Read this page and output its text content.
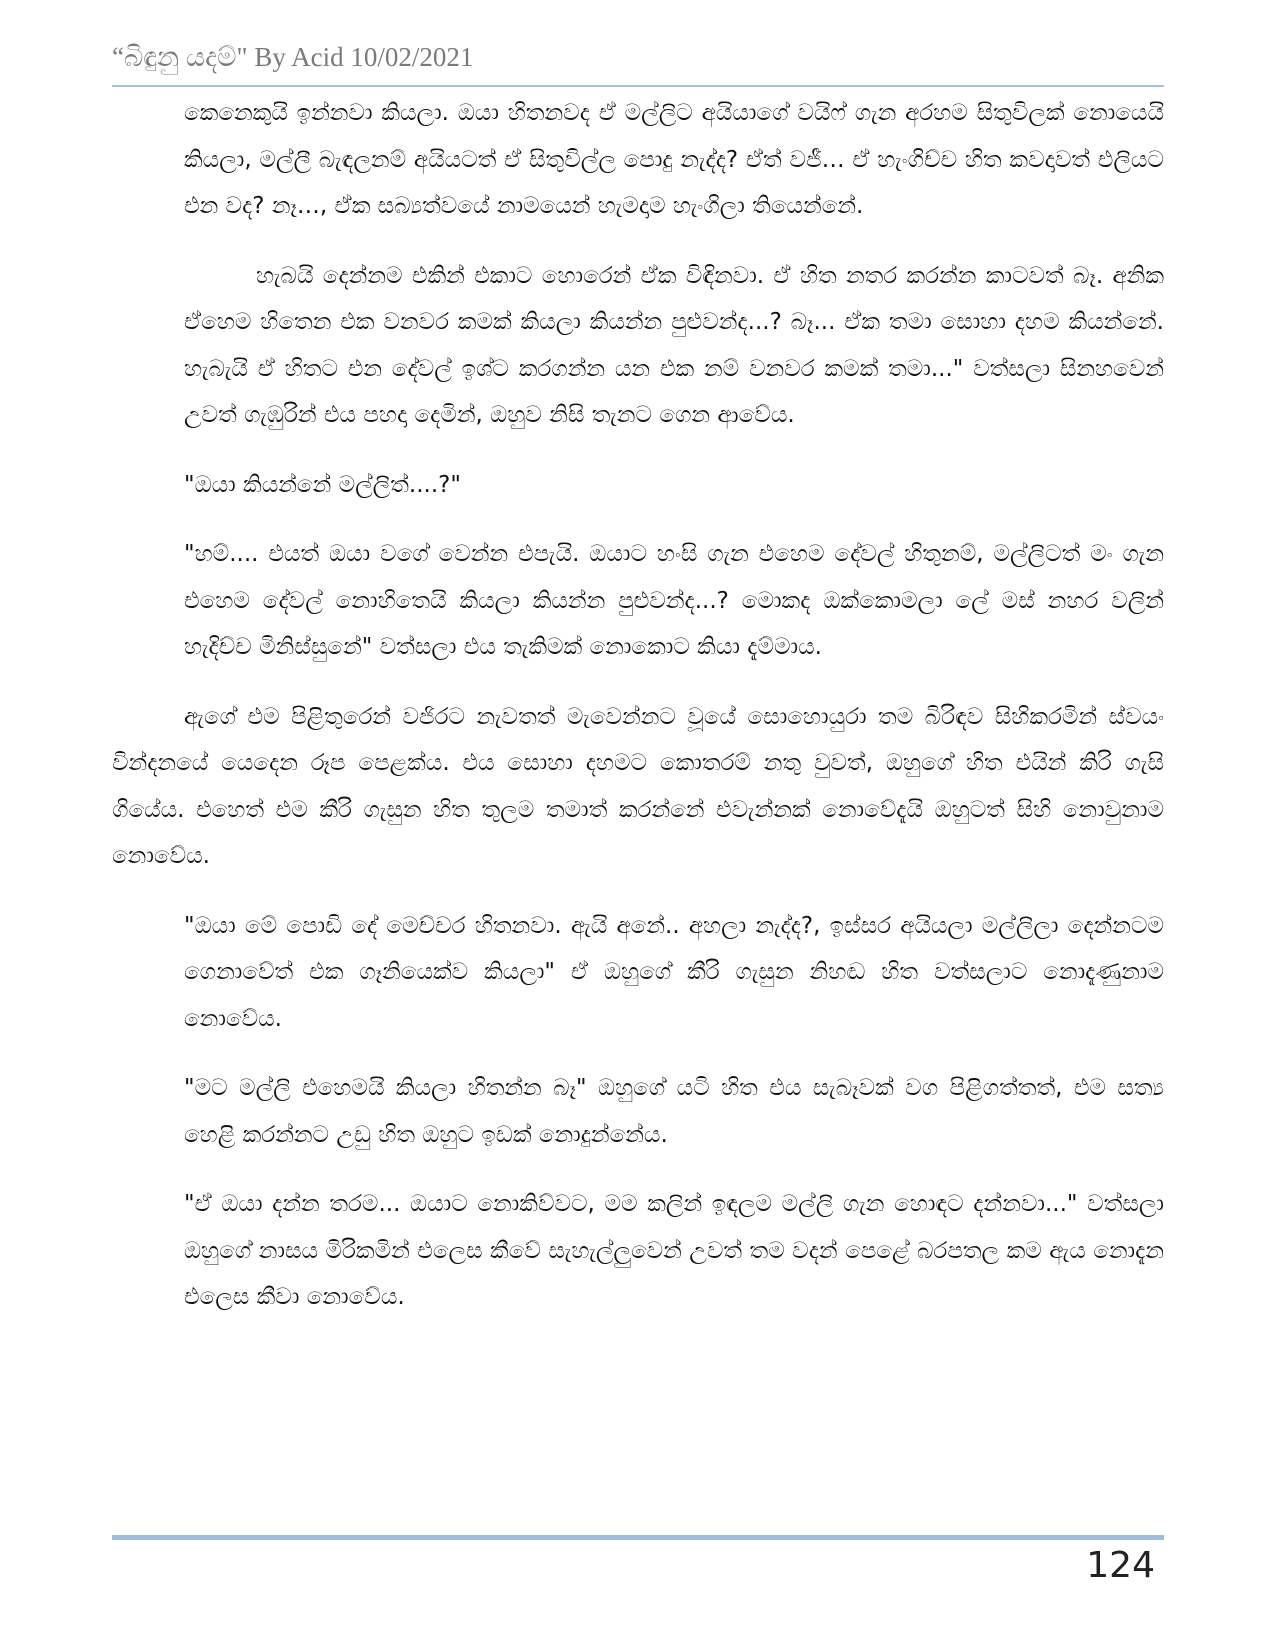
“බිඳුනු යදම්" By Acid 10/02/2021

කෙනෙකුයි ඉන්නවා කියලා. ඔයා හිතනවද ඒ මල්ලිට අයියාගේ වයිෆ් ගැන අරහම සිතුවිලක් නොයෙයි කියලා, මල්ලී බැඳලනම් අයියටත් ඒ සිතුවිල්ල පොදු නැද්ද? ඒත් වජී… ඒ හැංගිච්ච හිත කවදාවත් එලියට එන වද? නෑ…, ඒක සබ්‍යත්වයේ නාමයෙන් හැමදාම හැංගිලා තියෙන්නේ.

හැබයි දෙන්නම එකින් එකාට හොරෙන් ඒක විඳිනවා. ඒ හිත නතර කරන්න කාටවත් බෑ. අනික ඒහෙම හිතෙන එක වනවර කමක් කියලා කියන්න පුළුවන්ද...? බෑ... ඒක තමා සොහා දහම කියන්නේ. හැබැයි ඒ හිතට එන දේවල් ඉශ්ට කරගන්න යන එක නම් වනවර කමක් තමා..." වත්සලා සිනහවෙන් උවත් ගැඹුරින් එය පහදා දෙමින්, ඔහුව නිසි තැනට ගෙන ආවේය.

"ඔයා කියන්නේ මල්ලිත්....?"

"හම්.... එයත් ඔයා වගේ වෙන්න එපැයි. ඔයාට හංසි ගැන එහෙම දේවල් හිතුනම්, මල්ලිටත් මං ගැන එහෙම දේවල් නොහිතෙයි කියලා කියන්න පුළුවන්ද...? මොකද ඔක්කොමලා ලේ මස් නහර වලින් හැදිච්ච මිනිස්සුනේ" වත්සලා එය තැකිමක් නොකොට කියා දැම්මාය.

ඇගේ එම පිළිතුරෙන් වජිරට නැවතත් මැවෙන්නට වූයේ සොහොයුරා තම බිරිඳව සිහිකරමින් ස්වයං වින්දනයේ යෙදෙන රූප පෙළක්ය. එය සොහා දහමට කොතරම් නතු වුවත්, ඔහුගේ හිත එයින් කිරි ගැසි ගියේය. එහෙත් එම කීරි ගැසුන හිත තුලම තමාත් කරන්නේ එවැන්නක් නොවේදැයි ඔහුටත් සිහි නොවුනාම නොවේය.

"ඔයා මේ පොඩි දේ මෙච්චර හිතනවා. ඇයි අනේ.. අහලා නැද්ද?, ඉස්සර අයියලා මල්ලිලා දෙන්නටම ගෙනාවේත් එක ගෑනියෙක්ව කියලා" ඒ ඔහුගේ කීරි ගැසුන නිහඬ හිත වත්සලාට නොදැණුනාම නොවේය.

"මට මල්ලි එහෙමයි කියලා හිතන්න බෑ" ඔහුගේ යටි හිත එය සැබෑවක් වග පිළිගත්තත්, එම සත්‍ය හෙළි කරන්නට උඩු හිත ඔහුට ඉඩක් නොදුන්නේය.

"ඒ ඔයා දන්න තරම... ඔයාට නොකිව්වට, මම කලින් ඉඳලම මල්ලි ගැන හොඳට දන්නවා..." වත්සලා ඔහුගේ නාසය මිරිකමින් එලෙස කීවේ සැහැල්ලුවෙන් උවත් තම වදන් පෙළේ බරපතල කම ඇය නොදැන එලෙස කීවා නොවේය.

124
